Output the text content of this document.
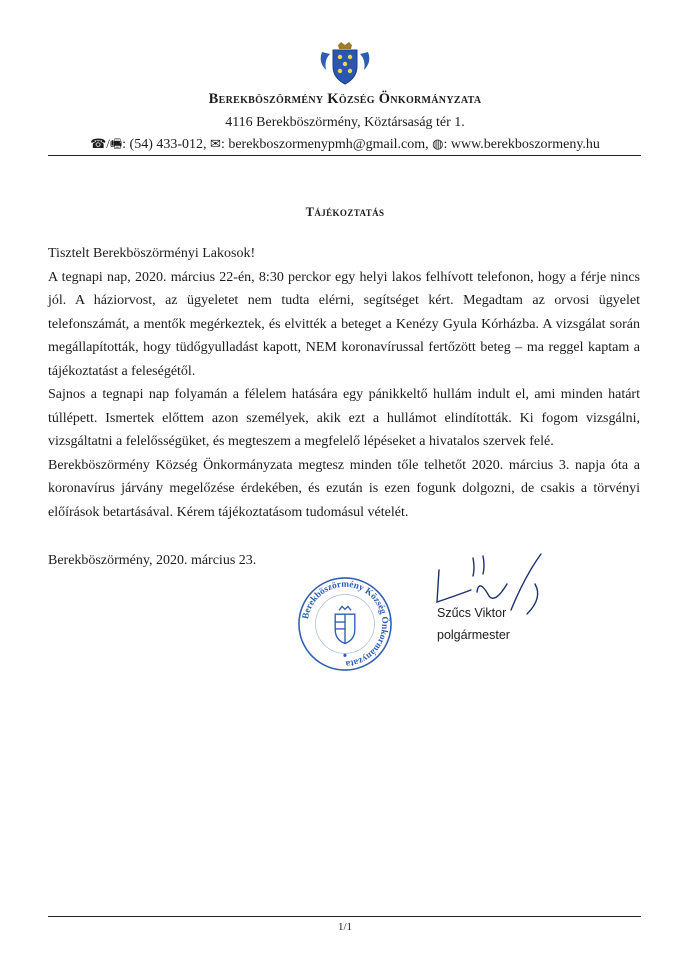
Berekböszörmény Község Önkormányzata
4116 Berekböszörmény, Köztársaság tér 1.
☎/🖷: (54) 433-012, ✉: berekboszormenypmh@gmail.com, ◍: www.berekboszormeny.hu
Tájékoztatás

Tisztelt Berekböszörményi Lakosok!

A tegnapi nap, 2020. március 22-én, 8:30 perckor egy helyi lakos felhívott telefonon, hogy a férje nincs jól. A háziorvost, az ügyeletet nem tudta elérni, segítséget kért. Megadtam az orvosi ügyelet telefonszámát, a mentők megérkeztek, és elvitték a beteget a Kenézy Gyula Kórházba. A vizsgálat során megállapították, hogy tüdőgyulladást kapott, NEM koronavírussal fertőzött beteg – ma reggel kaptam a tájékoztatást a feleségétől.

Sajnos a tegnapi nap folyamán a félelem hatására egy pánikkeltő hullám indult el, ami minden határt túllépett. Ismertek előttem azon személyek, akik ezt a hullámot elindították. Ki fogom vizsgálni, vizsgáltatni a felelősségüket, és megteszem a megfelelő lépéseket a hivatalos szervek felé.

Berekböszörmény Község Önkormányzata megtesz minden tőle telhetőt 2020. március 3. napja óta a koronavírus járvány megelőzése érdekében, és ezután is ezen fogunk dolgozni, de csakis a törvényi előírások betartásával. Kérem tájékoztatásom tudomásul vételét.

Berekböszörmény, 2020. március 23.
Berekböszörmény Község Önkormányzata
Szűcs Viktor
polgármester
1/1
